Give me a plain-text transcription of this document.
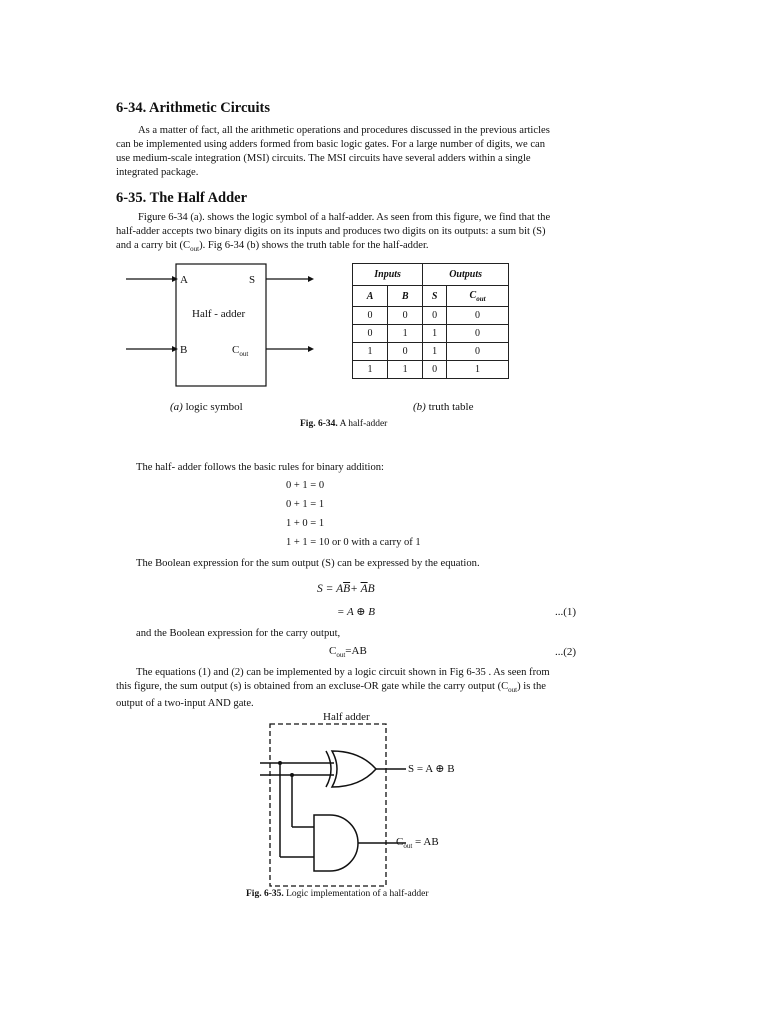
6-34. Arithmetic Circuits
As a matter of fact, all the arithmetic operations and procedures discussed in the previous articles
can be implemented using adders formed from basic logic gates. For a large number of digits, we can
use medium-scale integration (MSI) circuits. The MSI circuits have several adders within a single
integrated package.
6-35. The Half Adder
Figure 6-34 (a). shows the logic symbol of a half-adder. As seen from this figure, we find that the
half-adder accepts two binary digits on its inputs and produces two digits on its outputs: a sum bit (S)
and a carry bit $(C_{out})$. Fig 6-34 (b) shows the truth table for the half-adder.
A
B
S
$C_{out}$
Half - adder
Inputs		Outputs	
A	B	S	$C_{out}$
0	0	0	0
0	1	1	0
1	0	1	0
1	1	0	1
(a) logic symbol	(b) truth table
Fig. 6-34. A half-adder
The half- adder follows the basic rules for binary addition:
0 + 1 = 0
0 + 1 = 1
1 + 0 = 1
1 + 1 = 10 or 0 with a carry of 1
The Boolean expression for the sum output (S) can be expressed by the equation.
$S = A\overline{B}+ \overline{A}B$
= A ⊕ B	...(1)
and the Boolean expression for the carry output,
$C_{out}=AB$	...(2)
The equations (1) and (2) can be implemented by a logic circuit shown in Fig 6-35 . As seen from
this figure, the sum output (s) is obtained from an excluse-OR gate while the carry output $(C_{out})$ is the
output of a two-input AND gate.
Half adder
S = A ⊕ B
$C_{out}$ = AB
Fig. 6-35. Logic implementation of a half-adder
